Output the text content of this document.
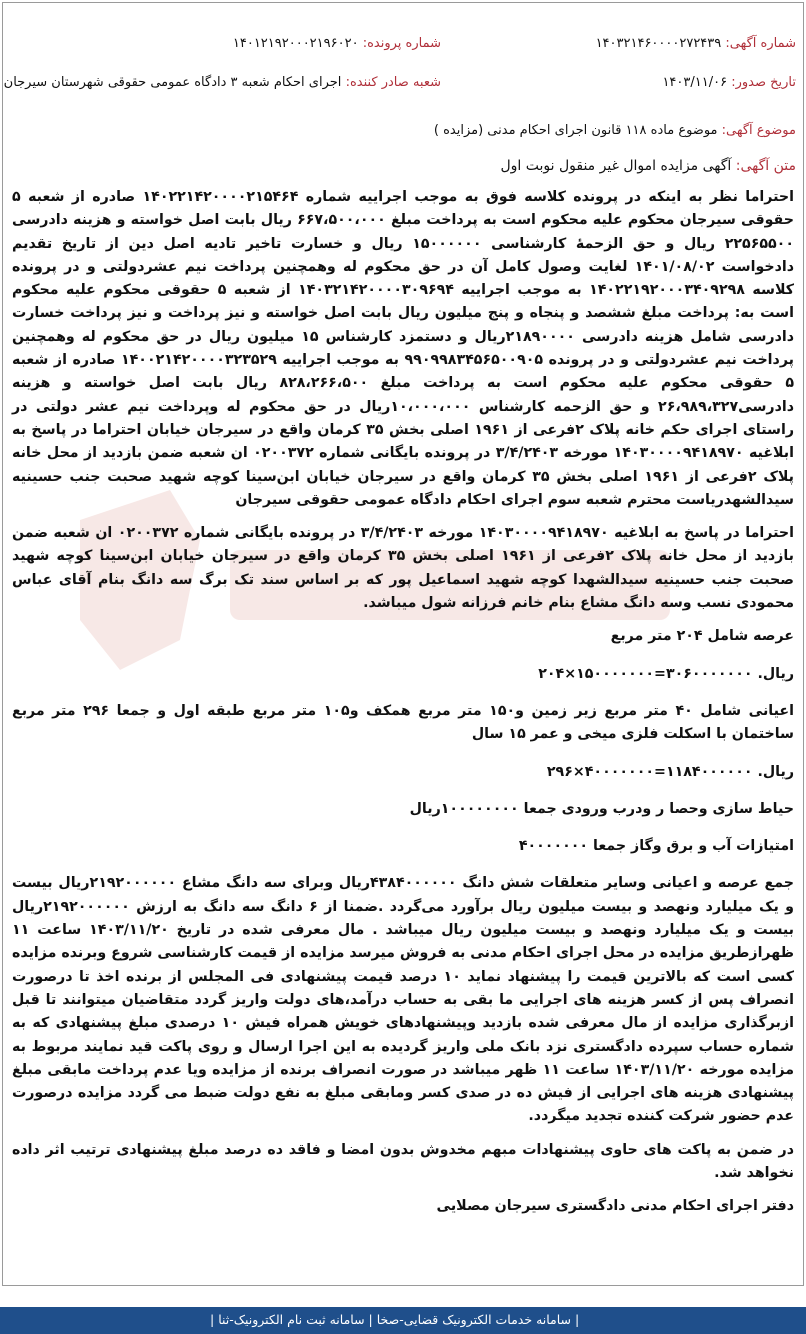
شماره آگهی: ۱۴۰۳۲۱۴۶۰۰۰۰۲۷۲۴۳۹
شماره پرونده: ۱۴۰۱۲۱۹۲۰۰۰۲۱۹۶۰۲۰
تاریخ صدور: ۱۴۰۳/۱۱/۰۶
شعبه صادر کننده: اجرای احکام شعبه ۳ دادگاه عمومی حقوقی شهرستان سیرجان
موضوع آگهی: موضوع ماده ۱۱۸ قانون اجرای احکام مدنی (مزایده )
متن آگهی: آگهی مزایده اموال غیر منقول نوبت اول

احتراما نظر به اینکه در پرونده کلاسه فوق به موجب اجراییه شماره ۱۴۰۲۲۱۴۲۰۰۰۰۲۱۵۴۶۴ صادره از شعبه ۵ حقوقی سیرجان محکوم علیه محکوم است به پرداخت مبلغ ۶۶۷،۵۰۰،۰۰۰ ریال بابت اصل خواسته و هزینه دادرسی ۲۲۵۶۵۵۰۰ ریال و حق الزحمهٔ کارشناسی ۱۵۰۰۰۰۰۰ ریال و خسارت تاخیر تادیه اصل دین از تاریخ تقدیم دادخواست ۱۴۰۱/۰۸/۰۲ لغایت وصول کامل آن در حق محکوم له وهمچنین پرداخت نیم عشردولتی و در پرونده کلاسه ۱۴۰۲۲۱۹۲۰۰۰۳۴۰۹۲۹۸ به موجب اجراییه ۱۴۰۳۲۱۴۲۰۰۰۰۳۰۹۶۹۴ از شعبه ۵ حقوقی محکوم علیه محکوم است به: پرداخت مبلغ ششصد و پنجاه و پنج میلیون ریال بابت اصل خواسته و نیز پرداخت و نیز پرداخت خسارت دادرسی شامل هزینه دادرسی ۲۱۸۹۰۰۰۰ریال و دستمزد کارشناس ۱۵ میلیون ریال در حق محکوم له وهمچنین پرداخت نیم عشردولتی و در پرونده ۹۹۰۹۹۸۳۴۵۶۵۰۰۹۰۵ به موجب اجراییه ۱۴۰۰۲۱۴۲۰۰۰۰۳۲۳۵۲۹ صادره از شعبه ۵ حقوقی محکوم علیه محکوم است به پرداخت مبلغ ۸۲۸،۲۶۶،۵۰۰ ریال بابت اصل خواسته و هزینه دادرسی۲۶،۹۸۹،۳۲۷ و حق الزحمه کارشناس ۱۰،۰۰۰،۰۰۰ریال در حق محکوم له وپرداخت نیم عشر دولتی در راستای اجرای حکم خانه پلاک ۲فرعی از ۱۹۶۱ اصلی بخش ۳۵ کرمان واقع در سیرجان خیابان احتراما در پاسخ به ابلاغیه ۱۴۰۳۰۰۰۰۹۴۱۸۹۷۰ مورخه ۳/۴/۲۴۰۳ در پرونده بایگانی شماره ۰۲۰۰۳۷۲ ان شعبه ضمن بازدید از محل خانه پلاک ۲فرعی از ۱۹۶۱ اصلی بخش ۳۵ کرمان واقع در سیرجان خیابان ابن‌سینا کوچه شهید صحبت جنب حسینیه سیدالشهدریاست محترم شعبه سوم اجرای احکام دادگاه عمومی حقوقی سیرجان

احتراما در پاسخ به ابلاغیه ۱۴۰۳۰۰۰۰۹۴۱۸۹۷۰ مورخه ۳/۴/۲۴۰۳ در پرونده بایگانی شماره ۰۲۰۰۳۷۲ ان شعبه ضمن بازدید از محل خانه پلاک ۲فرعی از ۱۹۶۱ اصلی بخش ۳۵ کرمان واقع در سیرجان خیابان ابن‌سینا کوچه شهید صحبت جنب حسینیه سیدالشهدا کوچه شهید اسماعیل پور که بر اساس سند تک برگ سه دانگ بنام آقای عباس محمودی نسب وسه دانگ مشاع بنام خانم فرزانه شول میباشد.

عرصه شامل ۲۰۴ متر مربع

ریال. ۳۰۶۰۰۰۰۰۰۰=۱۵۰۰۰۰۰۰۰×۲۰۴

اعیانی شامل ۴۰ متر مربع زیر زمین و۱۵۰ متر مربع همکف و۱۰۵ متر مربع طبقه اول و جمعا ۲۹۶ متر مربع ساختمان با اسکلت فلزی میخی و عمر ۱۵ سال

ریال. ۱۱۸۴۰۰۰۰۰۰=۴۰۰۰۰۰۰۰×۲۹۶

حیاط سازی وحصا ر ودرب ورودی جمعا ۱۰۰۰۰۰۰۰۰ریال

امتیازات آب و برق وگاز جمعا ۴۰۰۰۰۰۰۰

جمع عرصه و اعیانی وسایر متعلقات شش دانگ ۴۳۸۴۰۰۰۰۰۰ریال وبرای سه دانگ مشاع ۲۱۹۲۰۰۰۰۰۰ریال بیست و یک میلیارد ونهصد و بیست میلیون ریال برآورد می‌گردد .ضمنا از ۶ دانگ سه دانگ به ارزش ۲۱۹۲۰۰۰۰۰۰ریال بیست و یک میلیارد ونهصد و بیست میلیون ریال میباشد . مال معرفی شده در تاریخ ۱۴۰۳/۱۱/۲۰ ساعت ۱۱ ظهرازطریق مزایده در محل اجرای احکام مدنی به فروش میرسد مزایده از قیمت کارشناسی شروع وبرنده مزایده کسی است که بالاترین قیمت را پیشنهاد نماید ۱۰ درصد قیمت پیشنهادی فی المجلس از برنده اخذ تا درصورت انصراف پس از کسر هزینه های اجرایی ما بقی به حساب درآمد،های دولت واریز گردد متقاضیان میتوانند تا قبل ازبرگذاری مزایده از مال معرفی شده بازدید وپیشنهادهای خویش همراه فیش ۱۰ درصدی مبلغ پیشنهادی که به شماره حساب سپرده دادگستری نزد بانک ملی واریز گردیده به این اجرا ارسال و روی پاکت قید نمایند مربوط به مزایده مورخه ۱۴۰۳/۱۱/۲۰ ساعت ۱۱ ظهر میباشد در صورت انصراف برنده از مزایده ویا عدم پرداخت مابقی مبلغ پیشنهادی هزینه های اجرایی از فیش ده در صدی کسر ومابقی مبلغ به نفع دولت ضبط می گردد مزایده درصورت عدم حضور شرکت کننده تجدید میگردد.

در ضمن به پاکت های حاوی پیشنهادات مبهم مخدوش بدون امضا و فاقد ده درصد مبلغ پیشنهادی ترتیب اثر داده نخواهد شد.

دفتر اجرای احکام مدنی دادگستری سیرجان مصلایی

| سامانه خدمات الکترونیک قضایی-صخا | سامانه ثبت نام الکترونیک-ثنا |
